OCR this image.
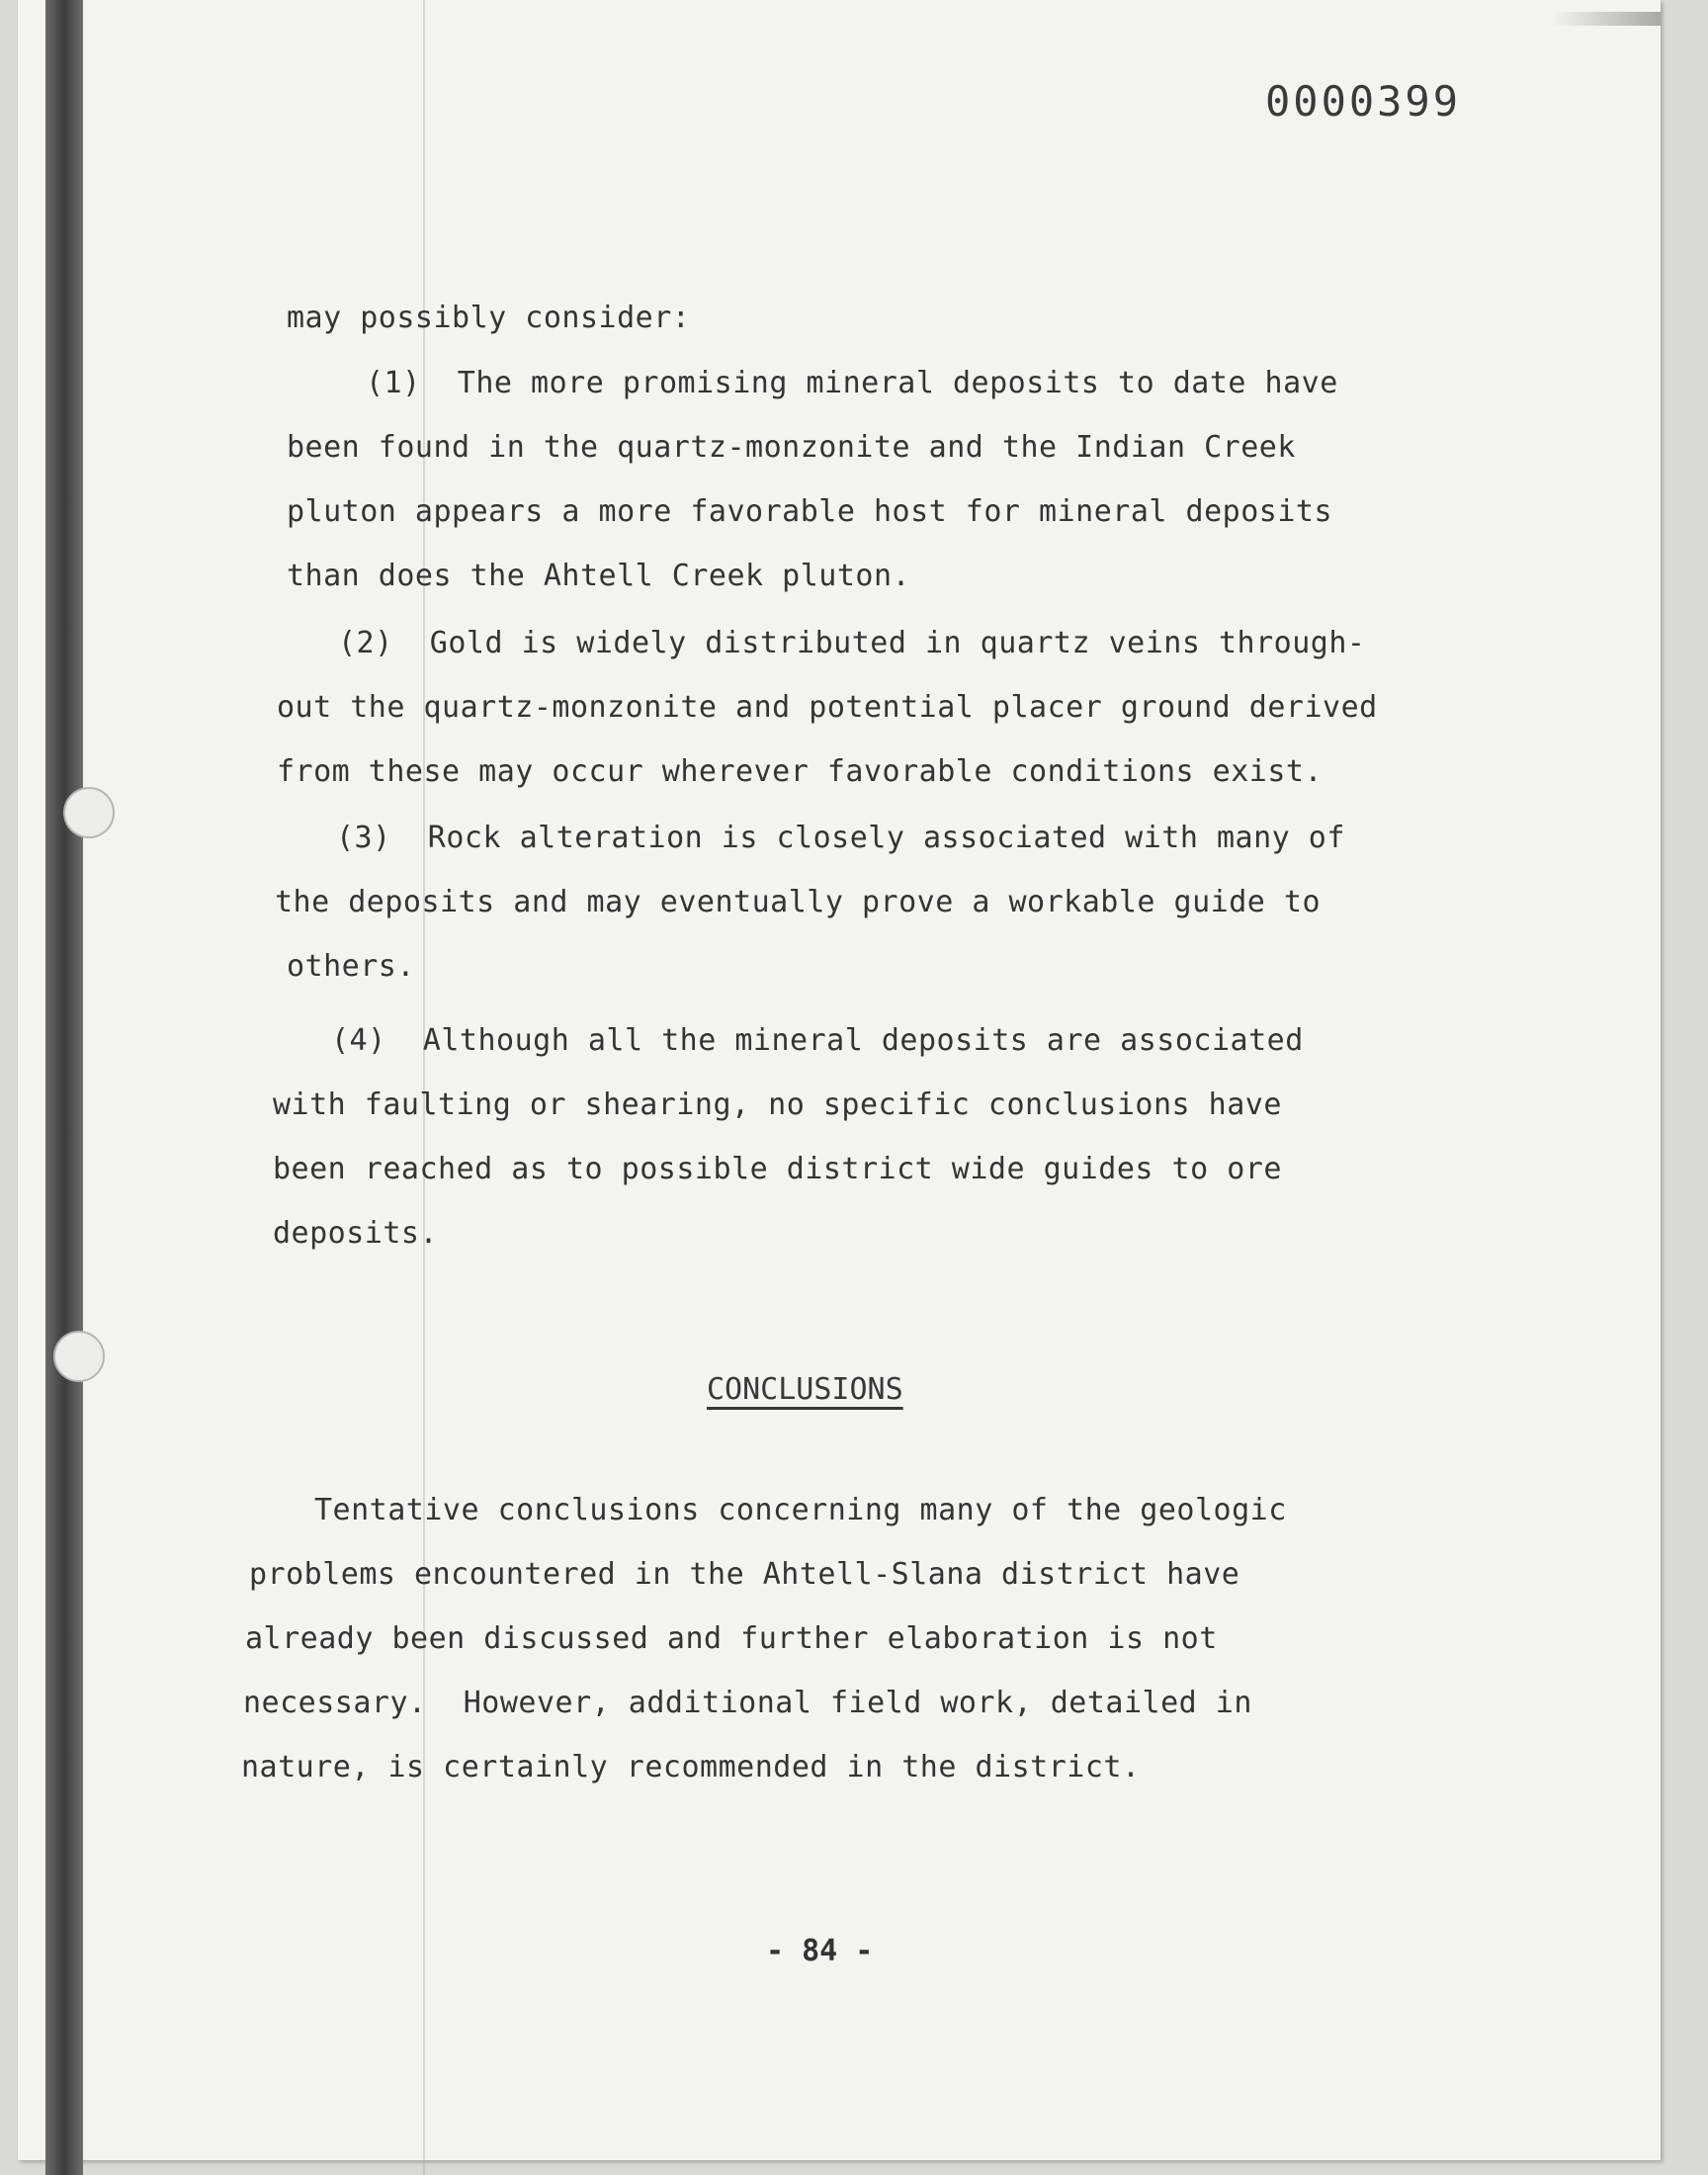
0000399
may possibly consider:
(1)  The more promising mineral deposits to date have
been found in the quartz-monzonite and the Indian Creek
pluton appears a more favorable host for mineral deposits
than does the Ahtell Creek pluton.
(2)  Gold is widely distributed in quartz veins through-
out the quartz-monzonite and potential placer ground derived
from these may occur wherever favorable conditions exist.
(3)  Rock alteration is closely associated with many of
the deposits and may eventually prove a workable guide to
others.
(4)  Although all the mineral deposits are associated
with faulting or shearing, no specific conclusions have
been reached as to possible district wide guides to ore
deposits.
CONCLUSIONS
Tentative conclusions concerning many of the geologic
problems encountered in the Ahtell-Slana district have
already been discussed and further elaboration is not
necessary.  However, additional field work, detailed in
nature, is certainly recommended in the district.
- 84 -
